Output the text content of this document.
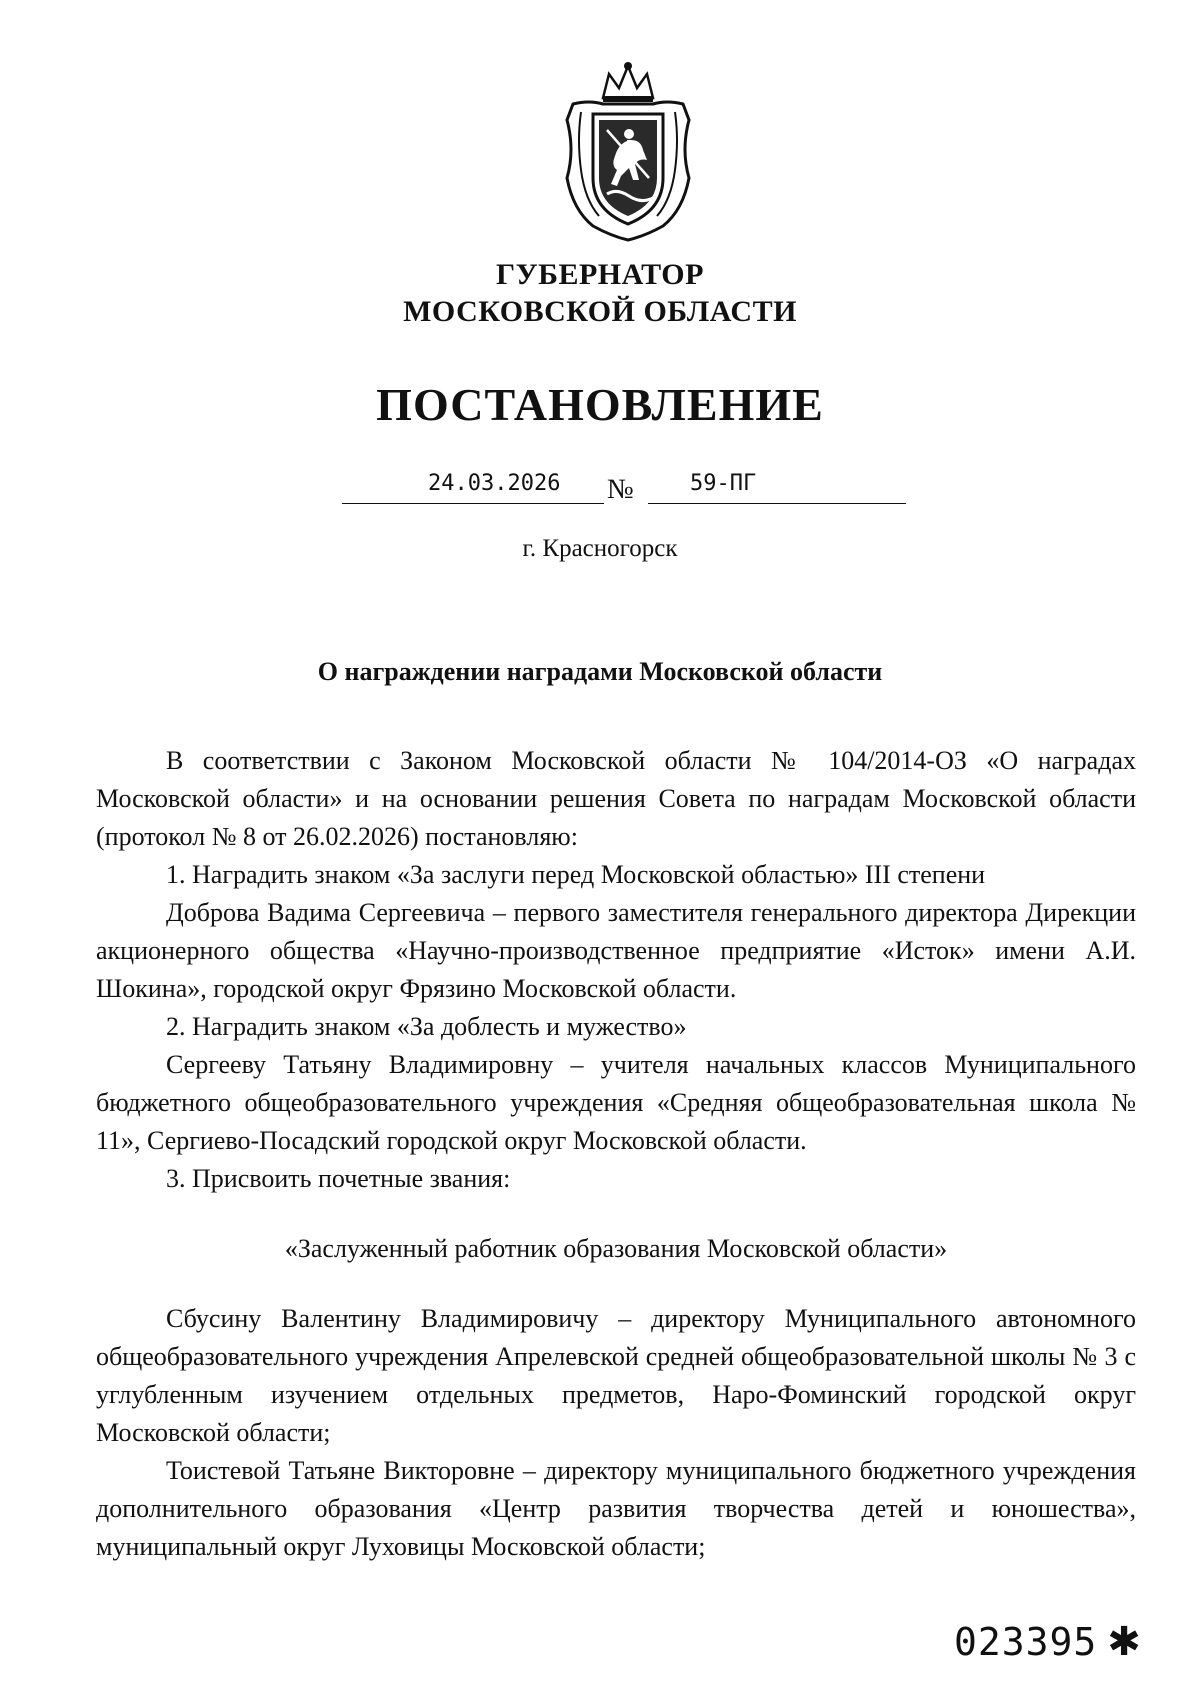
ГУБЕРНАТОР
МОСКОВСКОЙ ОБЛАСТИ
ПОСТАНОВЛЕНИЕ
24.03.2026 №	59-ПГ
г. Красногорск
О награждении наградами Московской области

В соответствии с Законом Московской области № 104/2014-ОЗ «О наградах Московской области» и на основании решения Совета по наградам Московской области (протокол № 8 от 26.02.2026) постановляю:

1. Наградить знаком «За заслуги перед Московской областью» III степени

Доброва Вадима Сергеевича – первого заместителя генерального директора Дирекции акционерного общества «Научно-производственное предприятие «Исток» имени А.И. Шокина», городской округ Фрязино Московской области.

2. Наградить знаком «За доблесть и мужество»

Сергееву Татьяну Владимировну – учителя начальных классов Муниципального бюджетного общеобразовательного учреждения «Средняя общеобразовательная школа № 11», Сергиево-Посадский городской округ Московской области.

3. Присвоить почетные звания:

«Заслуженный работник образования Московской области»

Сбусину Валентину Владимировичу – директору Муниципального автономного общеобразовательного учреждения Апрелевской средней общеобразовательной школы № 3 с углубленным изучением отдельных предметов, Наро-Фоминский городской округ Московской области;

Тоистевой Татьяне Викторовне – директору муниципального бюджетного учреждения дополнительного образования «Центр развития творчества детей и юношества», муниципальный округ Луховицы Московской области;

023395 ✱
